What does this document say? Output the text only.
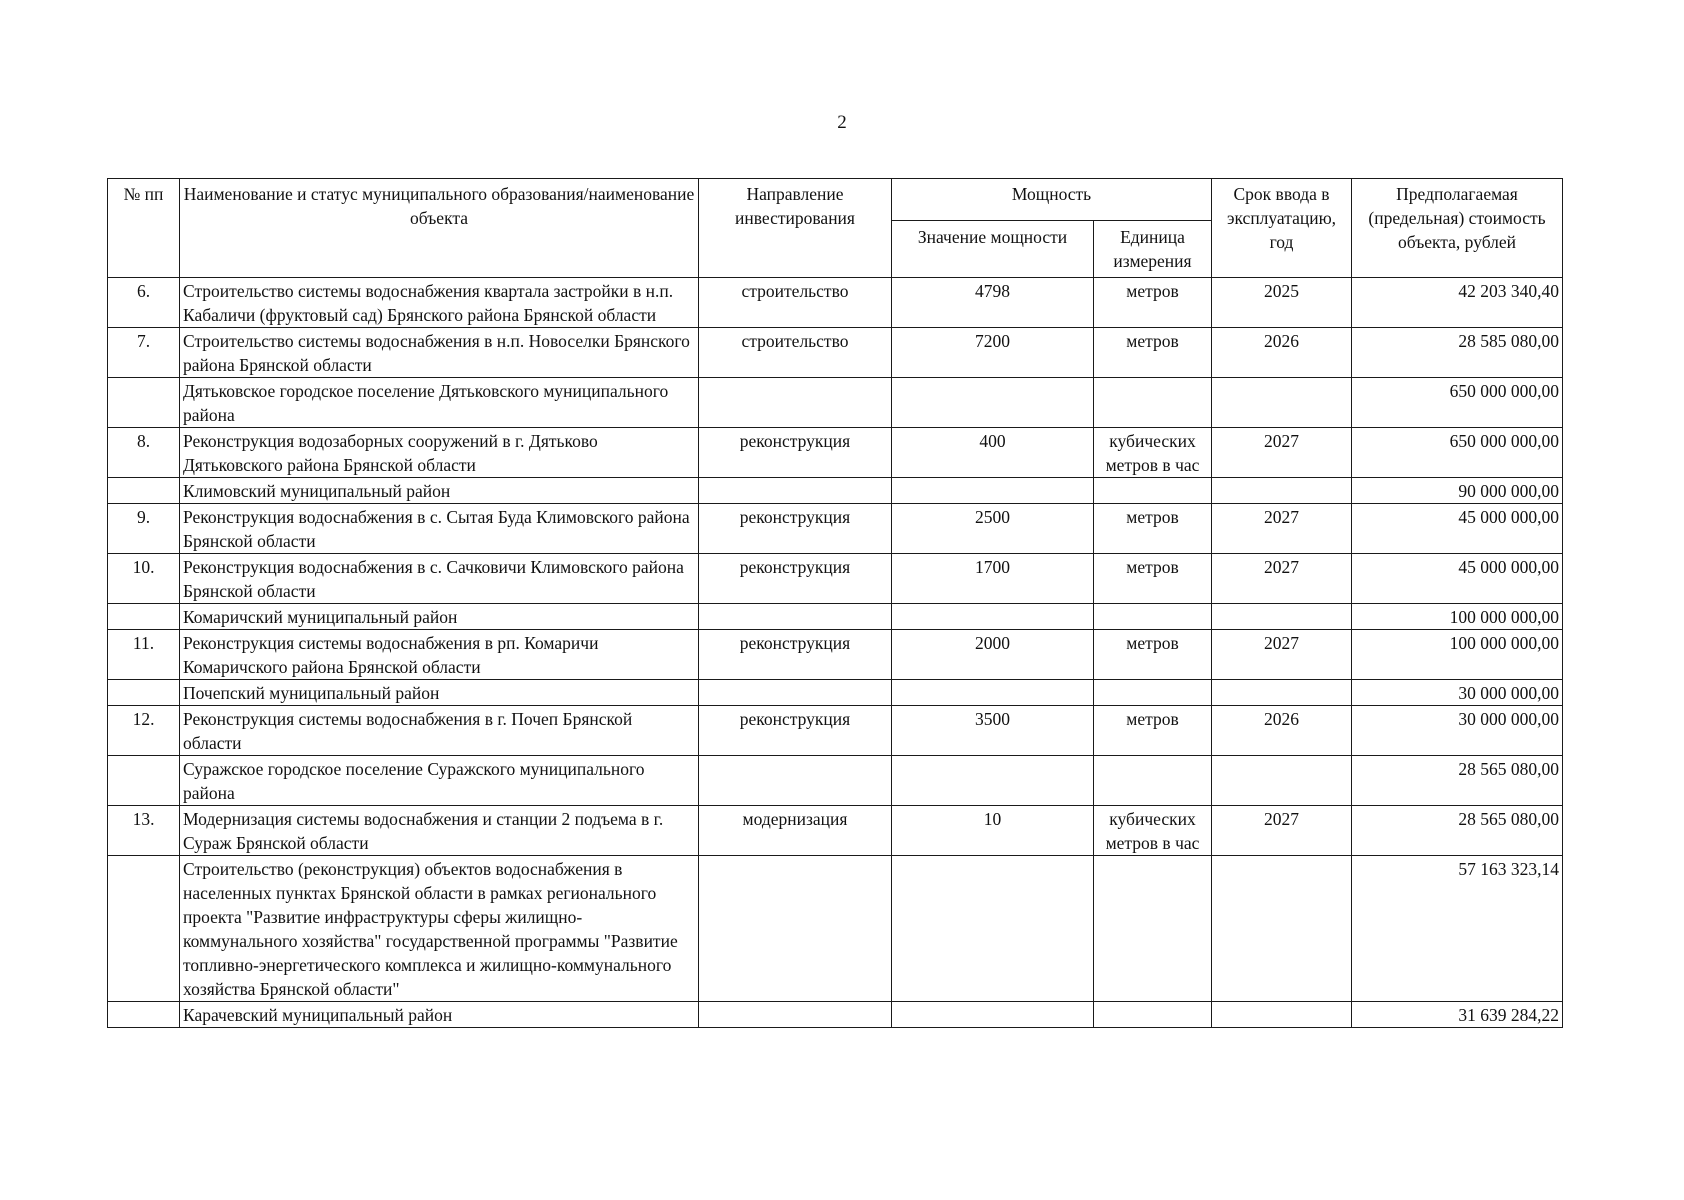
2
№ пп	Наименование и статус муниципального образования/наименование объекта	Направление инвестирования	Мощность		Срок ввода в эксплуатацию, год	Предполагаемая (предельная) стоимость объекта, рублей
			Значение мощности	Единица измерения		
6.	Строительство системы водоснабжения квартала застройки в н.п. Кабаличи (фруктовый сад) Брянского района Брянской области	строительство	4798	метров	2025	42 203 340,40
7.	Строительство системы водоснабжения в н.п. Новоселки Брянского района Брянской области	строительство	7200	метров	2026	28 585 080,00
	Дятьковское городское поселение Дятьковского муниципального района					650 000 000,00
8.	Реконструкция водозаборных сооружений в г. Дятьково Дятьковского района Брянской области	реконструкция	400	кубических метров в час	2027	650 000 000,00
	Климовский муниципальный район					90 000 000,00
9.	Реконструкция водоснабжения в с. Сытая Буда Климовского района Брянской области	реконструкция	2500	метров	2027	45 000 000,00
10.	Реконструкция водоснабжения в с. Сачковичи Климовского района Брянской области	реконструкция	1700	метров	2027	45 000 000,00
	Комаричский муниципальный район					100 000 000,00
11.	Реконструкция системы водоснабжения в рп. Комаричи Комаричского района Брянской области	реконструкция	2000	метров	2027	100 000 000,00
	Почепский муниципальный район					30 000 000,00
12.	Реконструкция системы водоснабжения в г. Почеп Брянской области	реконструкция	3500	метров	2026	30 000 000,00
	Суражское городское поселение Суражского муниципального района					28 565 080,00
13.	Модернизация системы водоснабжения и станции 2 подъема в г. Сураж Брянской области	модернизация	10	кубических метров в час	2027	28 565 080,00
	Строительство (реконструкция) объектов водоснабжения в населенных пунктах Брянской области в рамках регионального проекта "Развитие инфраструктуры сферы жилищно-коммунального хозяйства" государственной программы "Развитие топливно-энергетического комплекса и жилищно-коммунального хозяйства Брянской области"					57 163 323,14
	Карачевский муниципальный район					31 639 284,22
